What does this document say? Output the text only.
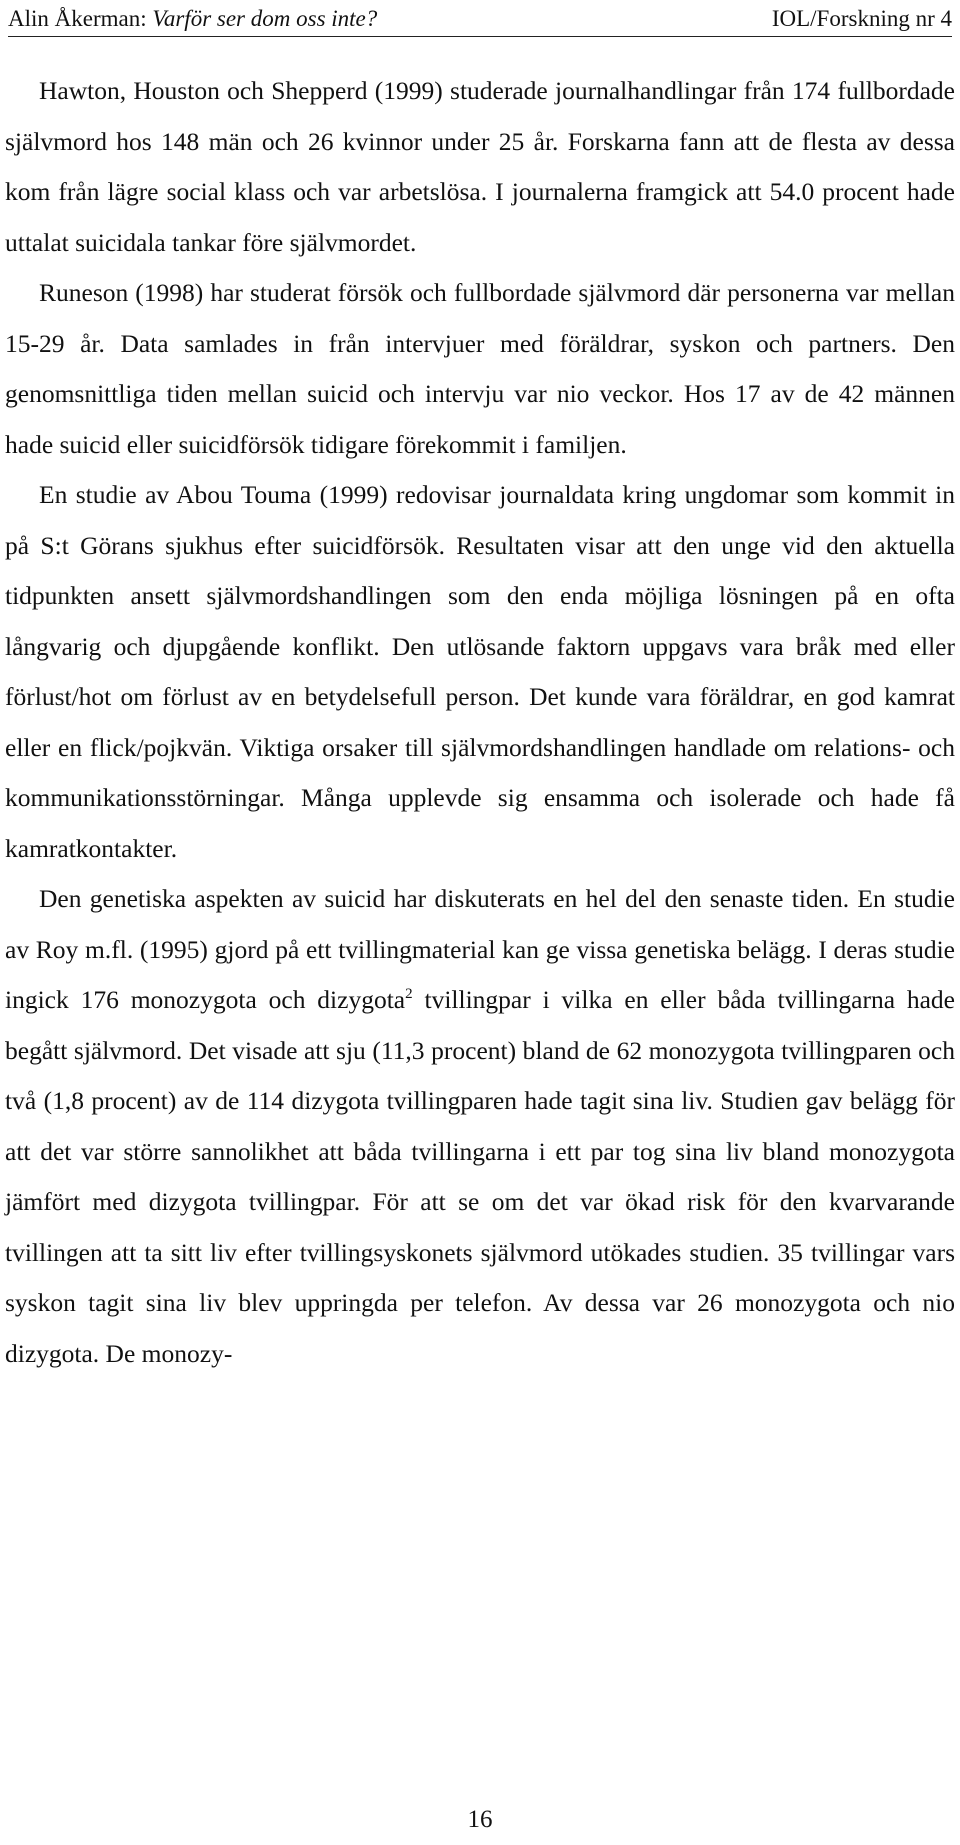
Alin Åkerman: Varför ser dom oss inte?	IOL/Forskning nr 4

Hawton, Houston och Shepperd (1999) studerade journalhandlingar från 174 fullbordade självmord hos 148 män och 26 kvinnor under 25 år. Forskarna fann att de flesta av dessa kom från lägre social klass och var arbetslösa. I journalerna framgick att 54.0 procent hade uttalat suicidala tankar före självmordet.

Runeson (1998) har studerat försök och fullbordade självmord där personerna var mellan 15-29 år. Data samlades in från intervjuer med föräldrar, syskon och partners. Den genomsnittliga tiden mellan suicid och intervju var nio veckor. Hos 17 av de 42 männen hade suicid eller suicidförsök tidigare förekommit i familjen.

En studie av Abou Touma (1999) redovisar journaldata kring ungdomar som kommit in på S:t Görans sjukhus efter suicidförsök. Resultaten visar att den unge vid den aktuella tidpunkten ansett självmordshandlingen som den enda möjliga lösningen på en ofta långvarig och djupgående konflikt. Den utlösande faktorn uppgavs vara bråk med eller förlust/hot om förlust av en betydelsefull person. Det kunde vara föräldrar, en god kamrat eller en flick/pojkvän. Viktiga orsaker till självmordshandlingen handlade om relations- och kommunikationsstörningar. Många upplevde sig ensamma och isolerade och hade få kamratkontakter.

Den genetiska aspekten av suicid har diskuterats en hel del den senaste tiden. En studie av Roy m.fl. (1995) gjord på ett tvillingmaterial kan ge vissa genetiska belägg. I deras studie ingick 176 monozygota och dizygota$^2$ tvillingpar i vilka en eller båda tvillingarna hade begått självmord. Det visade att sju (11,3 procent) bland de 62 monozygota tvillingparen och två (1,8 procent) av de 114 dizygota tvillingparen hade tagit sina liv. Studien gav belägg för att det var större sannolikhet att båda tvillingarna i ett par tog sina liv bland monozygota jämfört med dizygota tvillingpar. För att se om det var ökad risk för den kvarvarande tvillingen att ta sitt liv efter tvillingsyskonets självmord utökades studien. 35 tvillingar vars syskon tagit sina liv blev uppringda per telefon. Av dessa var 26 monozygota och nio dizygota. De monozy-

16
